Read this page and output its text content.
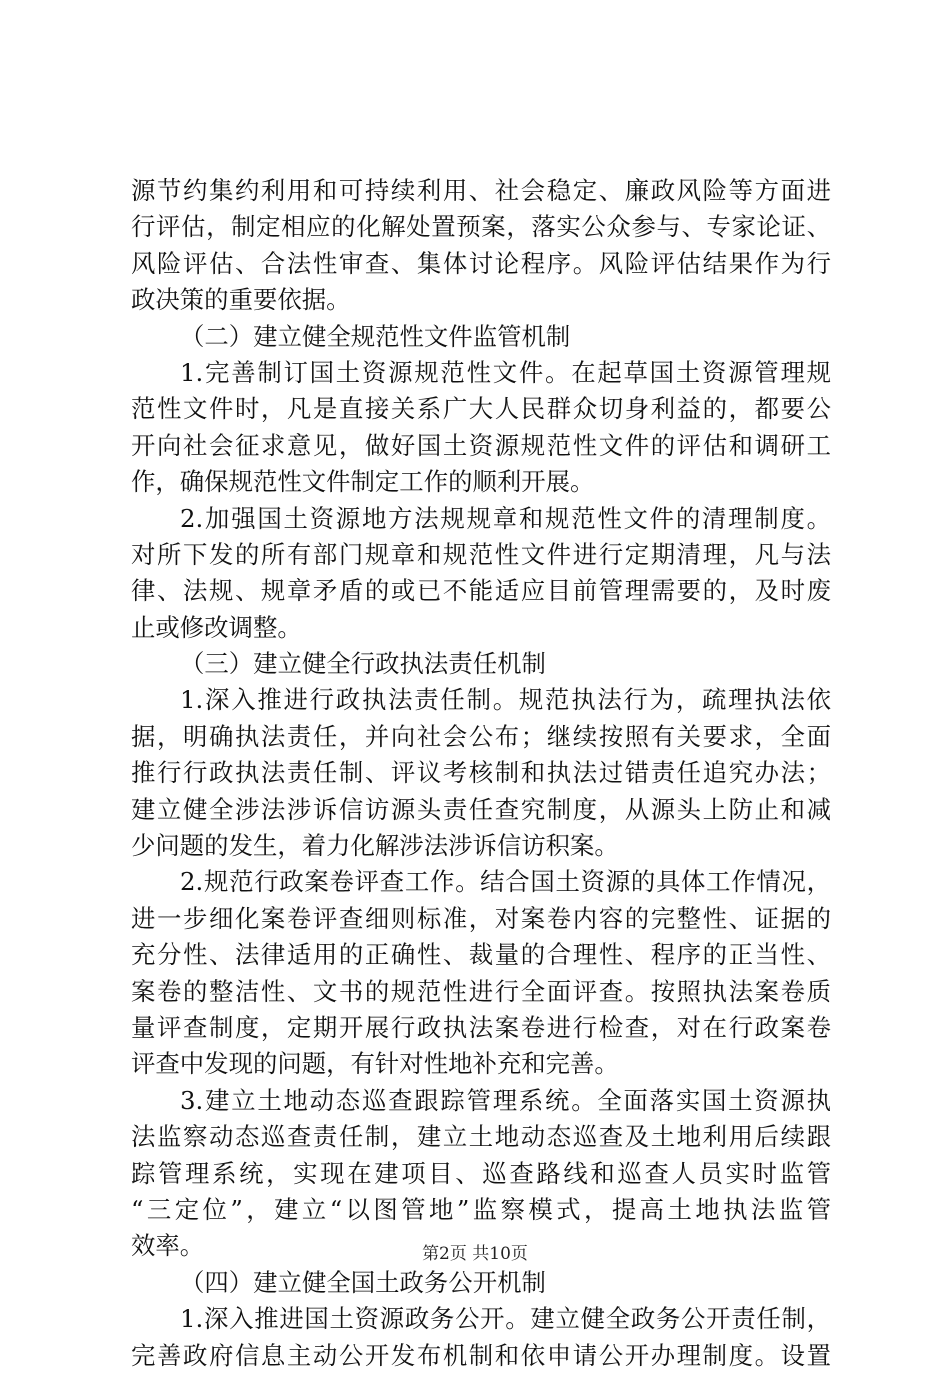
源节约集约利用和可持续利用、社会稳定、廉政风险等方面进
行评估，制定相应的化解处置预案，落实公众参与、专家论证、
风险评估、合法性审查、集体讨论程序。风险评估结果作为行
政决策的重要依据。
（二）建立健全规范性文件监管机制
1.完善制订国土资源规范性文件。在起草国土资源管理规
范性文件时，凡是直接关系广大人民群众切身利益的，都要公
开向社会征求意见，做好国土资源规范性文件的评估和调研工
作，确保规范性文件制定工作的顺利开展。
2.加强国土资源地方法规规章和规范性文件的清理制度。
对所下发的所有部门规章和规范性文件进行定期清理，凡与法
律、法规、规章矛盾的或已不能适应目前管理需要的，及时废
止或修改调整。
（三）建立健全行政执法责任机制
1.深入推进行政执法责任制。规范执法行为，疏理执法依
据，明确执法责任，并向社会公布；继续按照有关要求，全面
推行行政执法责任制、评议考核制和执法过错责任追究办法；
建立健全涉法涉诉信访源头责任查究制度，从源头上防止和减
少问题的发生，着力化解涉法涉诉信访积案。
2.规范行政案卷评查工作。结合国土资源的具体工作情况，
进一步细化案卷评查细则标准，对案卷内容的完整性、证据的
充分性、法律适用的正确性、裁量的合理性、程序的正当性、
案卷的整洁性、文书的规范性进行全面评查。按照执法案卷质
量评查制度，定期开展行政执法案卷进行检查，对在行政案卷
评查中发现的问题，有针对性地补充和完善。
3.建立土地动态巡查跟踪管理系统。全面落实国土资源执
法监察动态巡查责任制，建立土地动态巡查及土地利用后续跟
踪管理系统，实现在建项目、巡查路线和巡查人员实时监管
“三定位”，建立“以图管地”监察模式，提高土地执法监管
效率。
（四）建立健全国土政务公开机制
1.深入推进国土资源政务公开。建立健全政务公开责任制，
完善政府信息主动公开发布机制和依申请公开办理制度。设置
第2页 共10页
